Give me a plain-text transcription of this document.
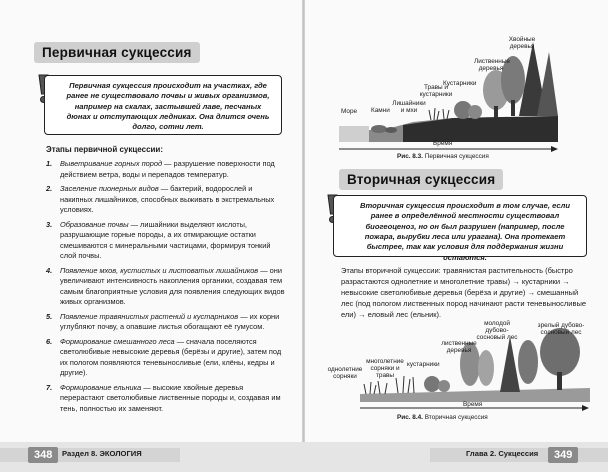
Первичная сукцессия
Первичная сукцессия происходит на участках, где ранее не существовало почвы и живых организмов, например на скалах, застывшей лаве, песчаных дюнах и отступающих ледниках. Она длится очень долго, сотни лет.
Этапы первичной сукцессии:
1. Выветривание горных пород — разрушение поверхности под действием ветра, воды и перепадов температур.
2. Заселение пионерных видов — бактерий, водорослей и накипных лишайников, способных выживать в экстремальных условиях.
3. Образование почвы — лишайники выделяют кислоты, разрушающие горные породы, а их отмирающие остатки смешиваются с минеральными частицами, формируя тонкий слой почвы.
4. Появление мхов, кустистых и листоватых лишайников — они увеличивают интенсивность накопления органики, создавая тем самым благоприятные условия для появления следующих видов живых организмов.
5. Появление травянистых растений и кустарников — их корни углубляют почву, а опавшие листья обогащают её гумусом.
6. Формирование смешанного леса — сначала поселяются светолюбивые невысокие деревья (берёзы и другие), затем под их пологом появляются теневыносливые (ели, клёны, кедры и другие).
7. Формирование ельника — высокие хвойные деревья перерастают светолюбивые лиственные породы и, создавая им тень, полностью их заменяют.
Море Камни
Лишайники и мхи
Травы и кустарники
Кустарники
Лиственные деревья
Хвойные деревья
Время
Рис. 8.3. Первичная сукцессия
Вторичная сукцессия
Вторичная сукцессия происходит в том случае, если ранее в определённой местности существовал биогеоценоз, но он был разрушен (например, после пожара, вырубки леса или урагана). Она протекает быстрее, так как условия для поддержания жизни остаются.
Этапы вторичной сукцессии: травянистая растительность (быстро разрастаются однолетние и многолетние травы) → кустарники → невысокие светолюбивые деревья (берёза и другие) → смешанный лес (под пологом лиственных пород начинают расти теневыносливые ели) → еловый лес (ельник).
однолетние сорняки
многолетние сорняки и травы
кустарники
лиственные деревья
молодой дубово-сосновый лес
зрелый дубово-сосновый лес
Время
Рис. 8.4. Вторичная сукцессия
348	Раздел 8. ЭКОЛОГИЯ	Глава 2. Сукцессия	349
